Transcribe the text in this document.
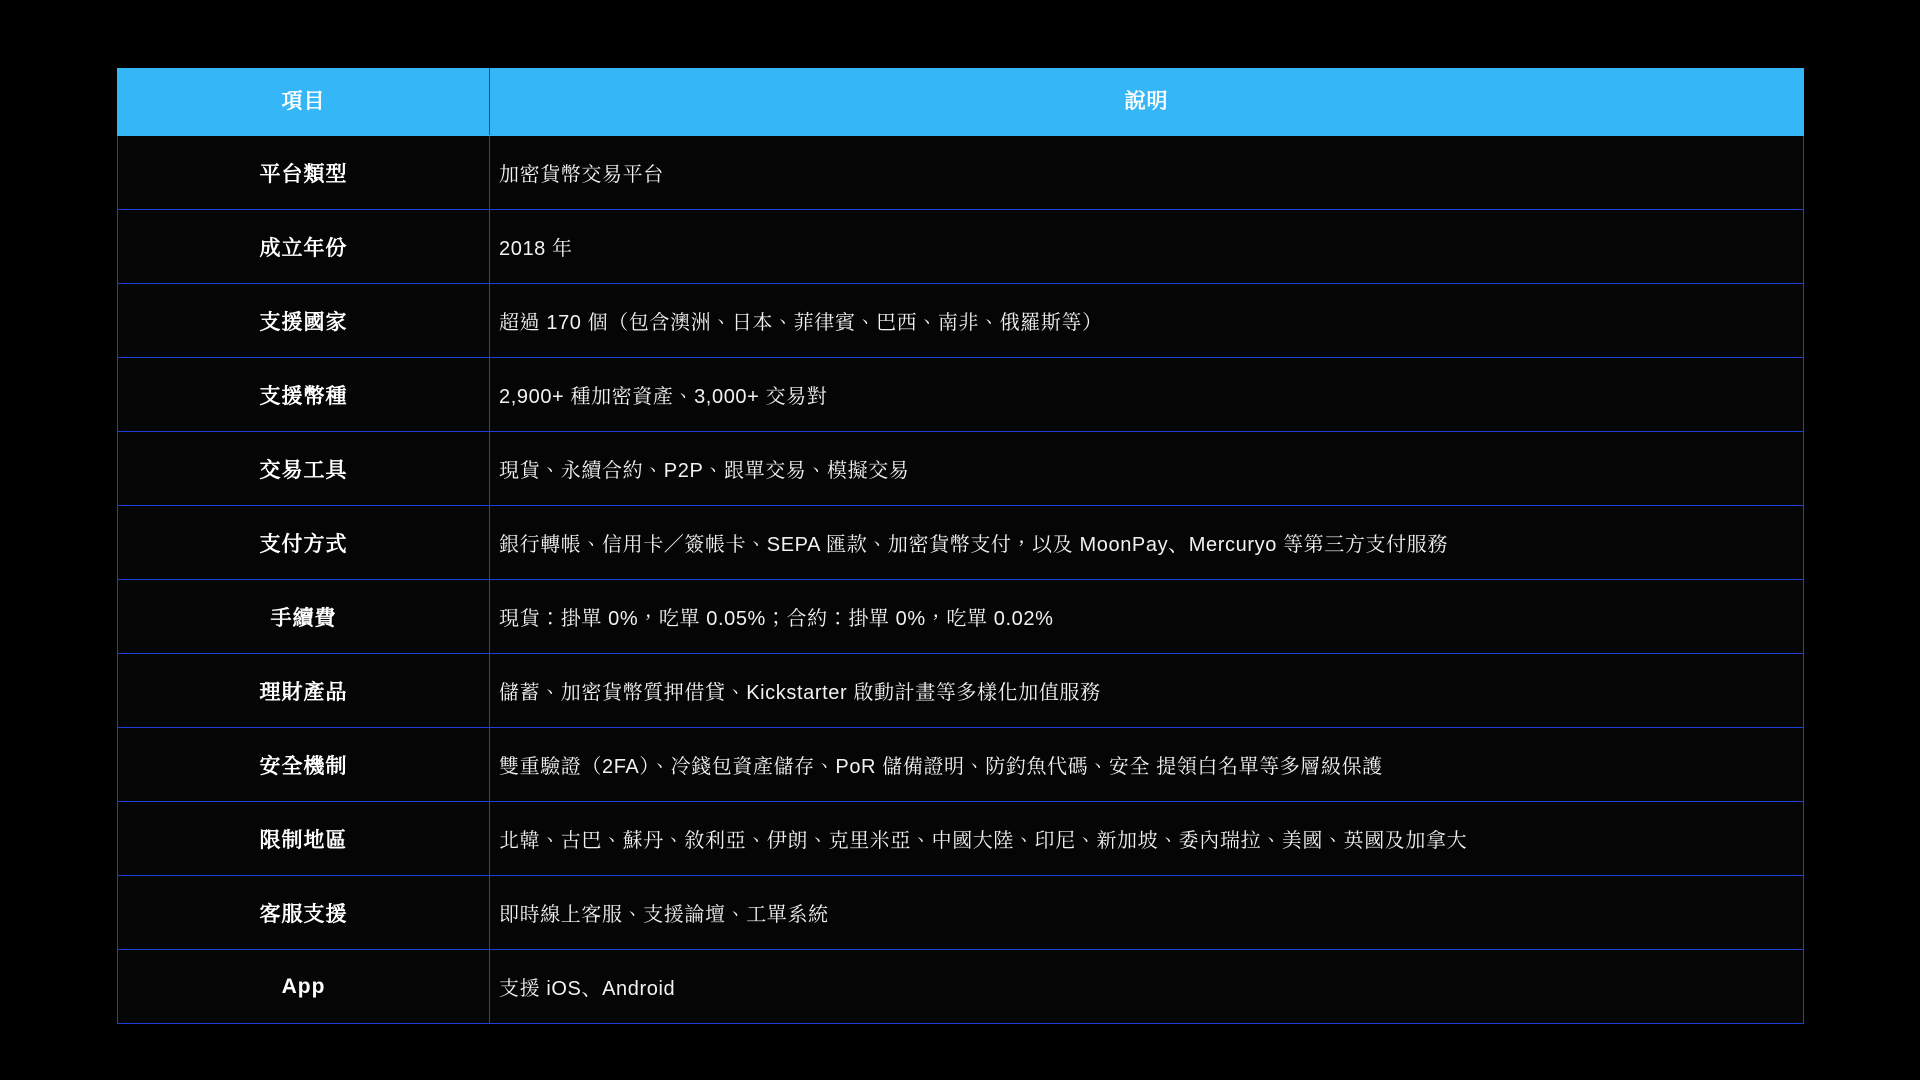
項目	說明
平台類型	加密貨幣交易平台
成立年份	2018 年
支援國家	超過 170 個（包含澳洲、日本、菲律賓、巴西、南非、俄羅斯等）
支援幣種	2,900+ 種加密資產、3,000+ 交易對
交易工具	現貨、永續合約、P2P、跟單交易、模擬交易
支付方式	銀行轉帳、信用卡／簽帳卡、SEPA 匯款、加密貨幣支付，以及 MoonPay、Mercuryo 等第三方支付服務
手續費	現貨：掛單 0%，吃單 0.05%；合約：掛單 0%，吃單 0.02%
理財產品	儲蓄、加密貨幣質押借貸、Kickstarter 啟動計畫等多樣化加值服務
安全機制	雙重驗證（2FA）、冷錢包資產儲存、PoR 儲備證明、防釣魚代碼、安全 提領白名單等多層級保護
限制地區	北韓、古巴、蘇丹、敘利亞、伊朗、克里米亞、中國大陸、印尼、新加坡、委內瑞拉、美國、英國及加拿大
客服支援	即時線上客服、支援論壇、工單系統
App	支援 iOS、Android
